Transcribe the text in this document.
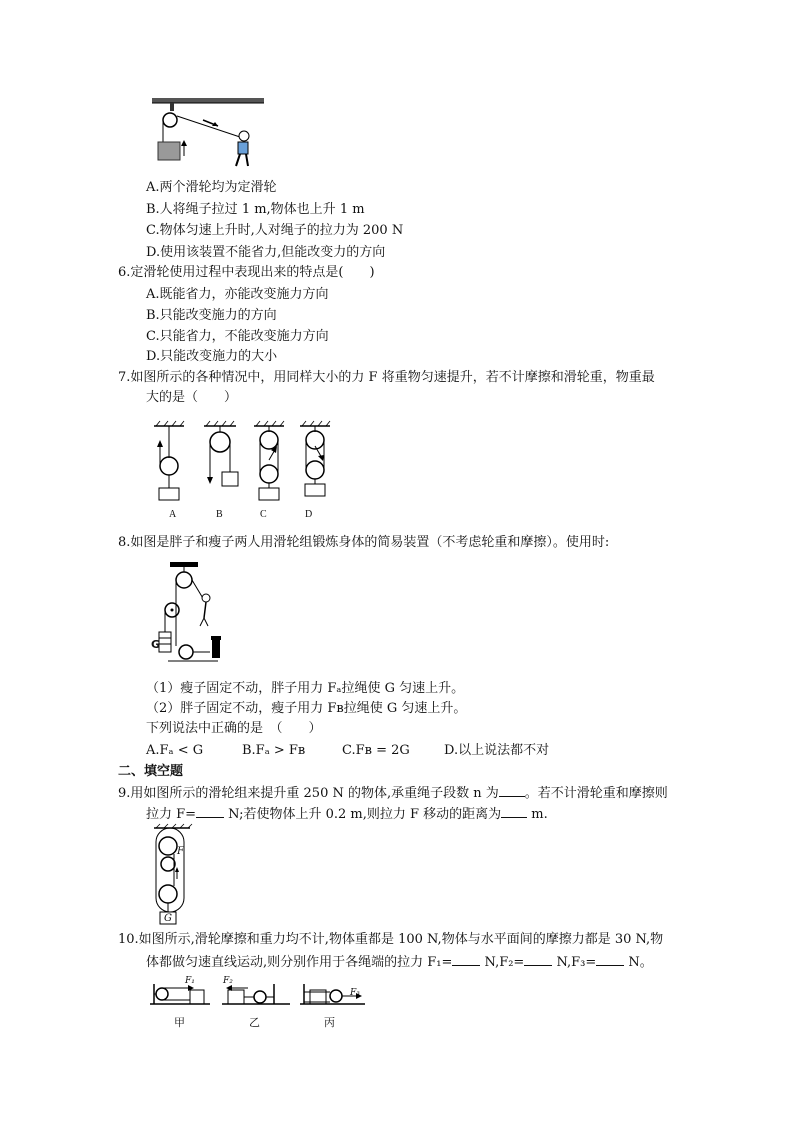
A.两个滑轮均为定滑轮
B.人将绳子拉过 1 m,物体也上升 1 m
C.物体匀速上升时,人对绳子的拉力为 200 N
D.使用该装置不能省力,但能改变力的方向
6.定滑轮使用过程中表现出来的特点是(　　)
A.既能省力，亦能改变施力方向
B.只能改变施力的方向
C.只能省力，不能改变施力方向
D.只能改变施力的大小
7.如图所示的各种情况中，用同样大小的力 F 将重物匀速提升，若不计摩擦和滑轮重，物重最
大的是（　　）
A	B	C	D
8.如图是胖子和瘦子两人用滑轮组锻炼身体的简易装置（不考虑轮重和摩擦）。使用时:
G
（1）瘦子固定不动，胖子用力 Fₐ拉绳使 G 匀速上升。
（2）胖子固定不动，瘦子用力 Fʙ拉绳使 G 匀速上升。
下列说法中正确的是　（　　）
A.Fₐ < G	B.Fₐ > Fʙ	C.Fʙ = 2G	D.以上说法都不对
二、填空题
9.用如图所示的滑轮组来提升重 250 N 的物体,承重绳子段数 n 为 。若不计滑轮重和摩擦则
拉力 F= N;若使物体上升 0.2 m,则拉力 F 移动的距离为 m.
F
G
10.如图所示,滑轮摩擦和重力均不计,物体重都是 100 N,物体与水平面间的摩擦力都是 30 N,物
体都做匀速直线运动,则分别作用于各绳端的拉力 F₁= N,F₂= N,F₃= N。
F₁	F₂
F₃
甲	乙	丙
